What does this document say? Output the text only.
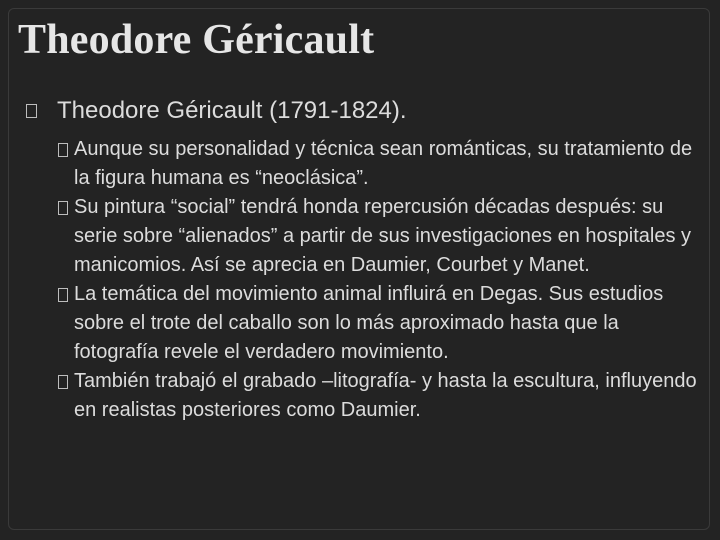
Theodore Géricault
Theodore Géricault (1791-1824).
Aunque su personalidad y técnica sean románticas, su tratamiento de la figura humana es “neoclásica”.
Su pintura “social” tendrá honda repercusión décadas después: su serie sobre “alienados” a partir de sus investigaciones en hospitales y manicomios. Así se aprecia en Daumier, Courbet y Manet.
La temática del movimiento animal influirá en Degas. Sus estudios sobre el trote del caballo son lo más aproximado hasta que la fotografía revele el verdadero movimiento.
También trabajó el grabado –litografía- y hasta la escultura, influyendo en realistas posteriores como Daumier.
